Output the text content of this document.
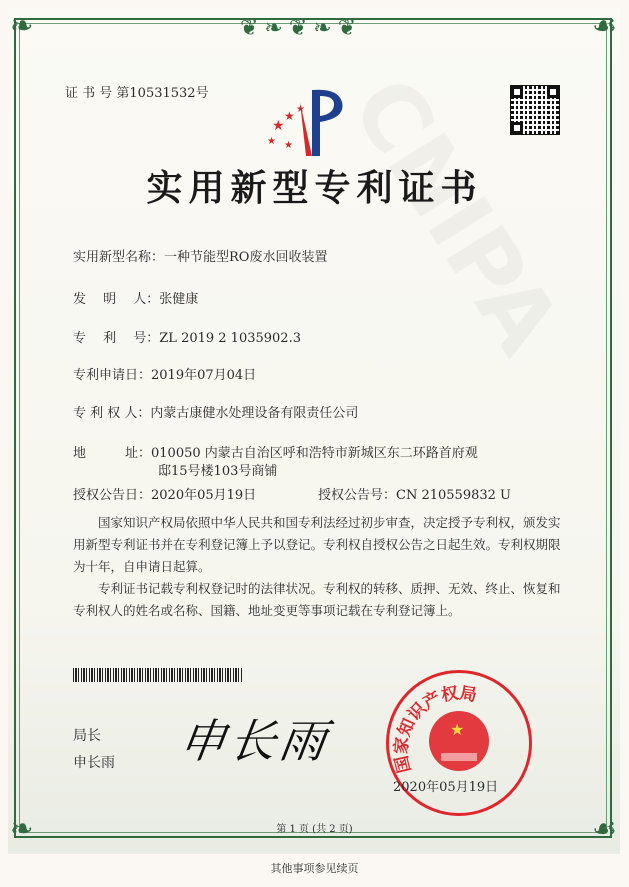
❦❧❦❧❦
❧	☙
❧	☙
证 书 号 第10531532号
★
★
★ ★
★
实用新型专利证书
实用新型名称：一种节能型RO废水回收装置
发　 明 　人：张健康
专　 利 　号：ZL 2019 2 1035902.3
专利申请日：2019年07月04日
专 利 权 人：内蒙古康健水处理设备有限责任公司
地　　　址：010050 内蒙古自治区呼和浩特市新城区东二环路首府观
邸15号楼103号商铺
授权公告日：2020年05月19日	授权公告号：CN 210559832 U
国家知识产权局依照中华人民共和国专利法经过初步审查，决定授予专利权，颁发实用新型专利证书并在专利登记簿上予以登记。专利权自授权公告之日起生效。专利权期限为十年，自申请日起算。
专利证书记载专利权登记时的法律状况。专利权的转移、质押、无效、终止、恢复和专利权人的姓名或名称、国籍、地址变更等事项记载在专利登记簿上。
局长
申长雨 申长雨	国家知识产权局
★
2020年05月19日
第 1 页 (共 2 页)
其他事项参见续页
